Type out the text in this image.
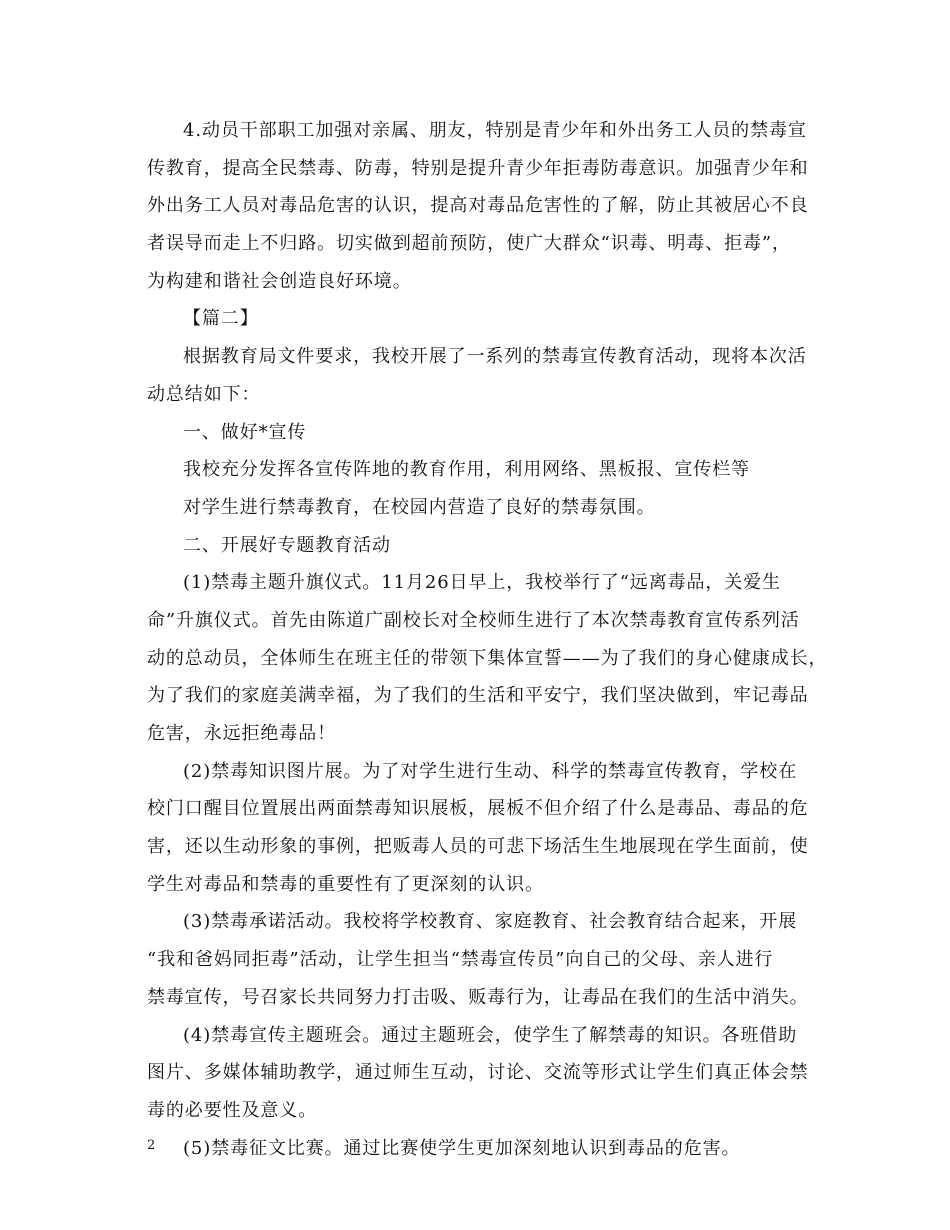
4.动员干部职工加强对亲属、朋友，特别是青少年和外出务工人员的禁毒宣
传教育，提高全民禁毒、防毒，特别是提升青少年拒毒防毒意识。加强青少年和
外出务工人员对毒品危害的认识，提高对毒品危害性的了解，防止其被居心不良
者误导而走上不归路。切实做到超前预防，使广大群众“识毒、明毒、拒毒”，
为构建和谐社会创造良好环境。
【篇二】
根据教育局文件要求，我校开展了一系列的禁毒宣传教育活动，现将本次活
动总结如下：
一、做好*宣传
我校充分发挥各宣传阵地的教育作用，利用网络、黑板报、宣传栏等
对学生进行禁毒教育，在校园内营造了良好的禁毒氛围。
二、开展好专题教育活动
(1)禁毒主题升旗仪式。11月26日早上，我校举行了“远离毒品，关爱生
命”升旗仪式。首先由陈道广副校长对全校师生进行了本次禁毒教育宣传系列活
动的总动员，全体师生在班主任的带领下集体宣誓——为了我们的身心健康成长，
为了我们的家庭美满幸福，为了我们的生活和平安宁，我们坚决做到，牢记毒品
危害，永远拒绝毒品！
(2)禁毒知识图片展。为了对学生进行生动、科学的禁毒宣传教育，学校在
校门口醒目位置展出两面禁毒知识展板，展板不但介绍了什么是毒品、毒品的危
害，还以生动形象的事例，把贩毒人员的可悲下场活生生地展现在学生面前，使
学生对毒品和禁毒的重要性有了更深刻的认识。
(3)禁毒承诺活动。我校将学校教育、家庭教育、社会教育结合起来，开展
“我和爸妈同拒毒”活动，让学生担当“禁毒宣传员”向自己的父母、亲人进行
禁毒宣传，号召家长共同努力打击吸、贩毒行为，让毒品在我们的生活中消失。
(4)禁毒宣传主题班会。通过主题班会，使学生了解禁毒的知识。各班借助
图片、多媒体辅助教学，通过师生互动，讨论、交流等形式让学生们真正体会禁
毒的必要性及意义。
(5)禁毒征文比赛。通过比赛使学生更加深刻地认识到毒品的危害。
2
